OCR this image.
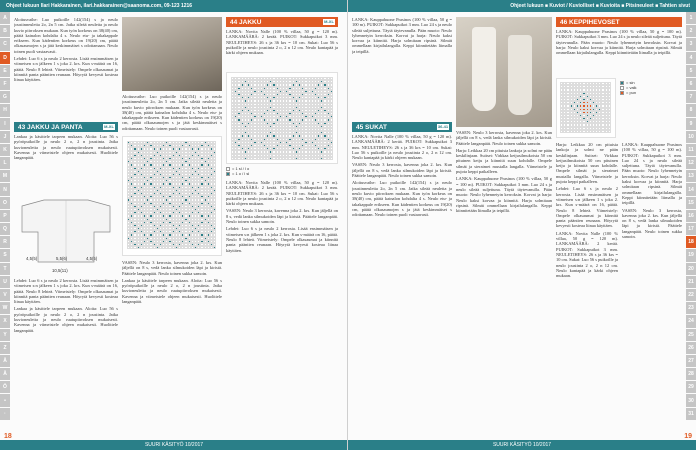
Ohjeet lukuun Ilari Hakkarainen, ilari.hakkarainen@saanoma.com, 09-123 1216
A
B
C
D
E
F
G
H
I
J
K
L
M
N
O
P
Q
R
S
T
U
V
W
X
Y
Z
Å
Ä
Ö
•
·

Aloitusvaihe: Luo puikoille 142(154) s ja neulo joustinneuletta 2o, 2n 5 cm. Jatka sileää neuletta ja neulo kuvio piirroksen mukaan. Kun työn korkeus on 38(40) cm, päätä kainalon kohdalta 4 s. Neulo etu- ja takakappale erikseen. Kun kädentien korkeus on 19(20) cm, päätä olkasaumojen s ja jätä keskimmäiset s odottamaan. Neulo toinen puoli vastaavasti.

Lehdet: Luo 6 s ja neulo 2 kerrosta. Lisää ensimmäisen ja viimeisen s:n jälkeen 1 s joka 2. krs. Kun s-määrä on 16, päätä. Neulo 8 lehteä. Viimeistely: Ompele olkasaumat ja kiinnitä panta pääntien reunaan. Höyrytä kevyesti kosteaa liinaa käyttäen.

43 JAKKU JA PANTA	M-XL

Lankaa ja käsittele tarpeen mukaan. Aloita: Luo 56 s pyöröpuikoille ja neulo 2 o, 2 n joustinta. Jatka kuvioneuletta ja neulo ruutupiirroksen mukaisesti. Kavenna ja viimeistele ohjeen mukaisesti. Huolittele langanpäät.

4,5(5)	5,5(6)	4,5(5)
10,5(11)

Lehdet: Luo 6 s ja neulo 2 kerrosta. Lisää ensimmäisen ja viimeisen s:n jälkeen 1 s joka 2. krs. Kun s-määrä on 16, päätä. Neulo 8 lehteä. Viimeistely: Ompele olkasaumat ja kiinnitä panta pääntien reunaan. Höyrytä kevyesti kosteaa liinaa käyttäen.

Lankaa ja käsittele tarpeen mukaan. Aloita: Luo 56 s pyöröpuikoille ja neulo 2 o, 2 n joustinta. Jatka kuvioneuletta ja neulo ruutupiirroksen mukaisesti. Kavenna ja viimeistele ohjeen mukaisesti. Huolittele langanpäät.

Aloitusvaihe: Luo puikoille 142(154) s ja neulo joustinneuletta 2o, 2n 5 cm. Jatka sileää neuletta ja neulo kuvio piirroksen mukaan. Kun työn korkeus on 38(40) cm, päätä kainalon kohdalta 4 s. Neulo etu- ja takakappale erikseen. Kun kädentien korkeus on 19(20) cm, päätä olkasaumojen s ja jätä keskimmäiset s odottamaan. Neulo toinen puoli vastaavasti.

VASEN: Neulo 3 kerrosta, kavenna joka 2. krs. Kun jäljellä on 8 s, vedä lanka silmukoiden läpi ja kiristä. Päättele langanpäät. Neulo toinen sukka samoin.

Lankaa ja käsittele tarpeen mukaan. Aloita: Luo 56 s pyöröpuikoille ja neulo 2 o, 2 n joustinta. Jatka kuvioneuletta ja neulo ruutupiirroksen mukaisesti. Kavenna ja viimeistele ohjeen mukaisesti. Huolittele langanpäät.

44 JAKKU	M-XL

LANKA: Novita Nalle (100 % villaa, 50 g = 120 m). LANKAMÄÄRÄ: 2 kerää. PUIKOT: Sukkapuikot 3 mm. NEULETIHEYS: 26 s ja 36 krs = 10 cm. Sukat: Luo 56 s puikoille ja neulo joustinta 2 o, 2 n 12 cm. Neulo kantapää ja kärki ohjeen mukaan.

= 1 sl / l o
= 1 o / l sl

LANKA: Novita Nalle (100 % villaa, 50 g = 120 m). LANKAMÄÄRÄ: 2 kerää. PUIKOT: Sukkapuikot 3 mm. NEULETIHEYS: 26 s ja 36 krs = 10 cm. Sukat: Luo 56 s puikoille ja neulo joustinta 2 o, 2 n 12 cm. Neulo kantapää ja kärki ohjeen mukaan.

VASEN: Neulo 3 kerrosta, kavenna joka 2. krs. Kun jäljellä on 8 s, vedä lanka silmukoiden läpi ja kiristä. Päättele langanpäät. Neulo toinen sukka samoin.

Lehdet: Luo 6 s ja neulo 2 kerrosta. Lisää ensimmäisen ja viimeisen s:n jälkeen 1 s joka 2. krs. Kun s-määrä on 16, päätä. Neulo 8 lehteä. Viimeistely: Ompele olkasaumat ja kiinnitä panta pääntien reunaan. Höyrytä kevyesti kosteaa liinaa käyttäen.

18
SUURI KÄSITYÖ 10/2017
Ohjeet lukuun ■ Kuviot / Kuviolliset ■ Kuvioita ■ Pitsineuleet ■ Tahtien sivut
1
2
3
4
5
6
7
8
9
10
11
12
13
14
15
16
17
18
19
20
21
22
23
24
25
26
27
28
29
30
31

LANKA: Kauppahuone Prasinos (100 % villaa, 50 g = 100 m). PUIKOT: Sukkapuikot 3 mm. Luo 24 s ja neulo sileää suljettuna. Täytä täytevanulla. Pään muoto: Neulo lyhennetyin kerroksin. Korvat ja harja: Neulo kaksi korvaa ja kiinnitä. Harja solmitaan ripsinä. Silmät ommellaan kirjailulangalla. Keppi kiinnitetään liimalla ja teipillä.

45 SUKAT	36-41

LANKA: Novita Nalle (100 % villaa, 50 g = 120 m). LANKAMÄÄRÄ: 2 kerää. PUIKOT: Sukkapuikot 3 mm. NEULETIHEYS: 26 s ja 36 krs = 10 cm. Sukat: Luo 56 s puikoille ja neulo joustinta 2 o, 2 n 12 cm. Neulo kantapää ja kärki ohjeen mukaan.

VASEN: Neulo 3 kerrosta, kavenna joka 2. krs. Kun jäljellä on 8 s, vedä lanka silmukoiden läpi ja kiristä. Päättele langanpäät. Neulo toinen sukka samoin.

Aloitusvaihe: Luo puikoille 142(154) s ja neulo joustinneuletta 2o, 2n 5 cm. Jatka sileää neuletta ja neulo kuvio piirroksen mukaan. Kun työn korkeus on 38(40) cm, päätä kainalon kohdalta 4 s. Neulo etu- ja takakappale erikseen. Kun kädentien korkeus on 19(20) cm, päätä olkasaumojen s ja jätä keskimmäiset s odottamaan. Neulo toinen puoli vastaavasti.

VASEN: Neulo 3 kerrosta, kavenna joka 2. krs. Kun jäljellä on 8 s, vedä lanka silmukoiden läpi ja kiristä. Päättele langanpäät. Neulo toinen sukka samoin.

Harja: Leikkaa 20 cm pituisia lankoja ja solmi ne pään keskilinjaan. Suitset: Virkkaa ketjusilmukoista 50 cm pituinen ketju ja kiinnitä suun kohdalle. Ompele silmät ja sieraimet mustalla langalla. Viimeistele ja pujota keppi paikalleen.

LANKA: Kauppahuone Prasinos (100 % villaa, 50 g = 100 m). PUIKOT: Sukkapuikot 3 mm. Luo 24 s ja neulo sileää suljettuna. Täytä täytevanulla. Pään muoto: Neulo lyhennetyin kerroksin. Korvat ja harja: Neulo kaksi korvaa ja kiinnitä. Harja solmitaan ripsinä. Silmät ommellaan kirjailulangalla. Keppi kiinnitetään liimalla ja teipillä.

46 KEPPIHEVOSET

LANKA: Kauppahuone Prasinos (100 % villaa, 50 g = 100 m). PUIKOT: Sukkapuikot 3 mm. Luo 24 s ja neulo sileää suljettuna. Täytä täytevanulla. Pään muoto: Neulo lyhennetyin kerroksin. Korvat ja harja: Neulo kaksi korvaa ja kiinnitä. Harja solmitaan ripsinä. Silmät ommellaan kirjailulangalla. Keppi kiinnitetään liimalla ja teipillä.

= sin
= valk
= pun

Harja: Leikkaa 20 cm pituisia lankoja ja solmi ne pään keskilinjaan. Suitset: Virkkaa ketjusilmukoista 50 cm pituinen ketju ja kiinnitä suun kohdalle. Ompele silmät ja sieraimet mustalla langalla. Viimeistele ja pujota keppi paikalleen.

Lehdet: Luo 6 s ja neulo 2 kerrosta. Lisää ensimmäisen ja viimeisen s:n jälkeen 1 s joka 2. krs. Kun s-määrä on 16, päätä. Neulo 8 lehteä. Viimeistely: Ompele olkasaumat ja kiinnitä panta pääntien reunaan. Höyrytä kevyesti kosteaa liinaa käyttäen.

LANKA: Novita Nalle (100 % villaa, 50 g = 120 m). LANKAMÄÄRÄ: 2 kerää. PUIKOT: Sukkapuikot 3 mm. NEULETIHEYS: 26 s ja 36 krs = 10 cm. Sukat: Luo 56 s puikoille ja neulo joustinta 2 o, 2 n 12 cm. Neulo kantapää ja kärki ohjeen mukaan.

LANKA: Kauppahuone Prasinos (100 % villaa, 50 g = 100 m). PUIKOT: Sukkapuikot 3 mm. Luo 24 s ja neulo sileää suljettuna. Täytä täytevanulla. Pään muoto: Neulo lyhennetyin kerroksin. Korvat ja harja: Neulo kaksi korvaa ja kiinnitä. Harja solmitaan ripsinä. Silmät ommellaan kirjailulangalla. Keppi kiinnitetään liimalla ja teipillä.

VASEN: Neulo 3 kerrosta, kavenna joka 2. krs. Kun jäljellä on 8 s, vedä lanka silmukoiden läpi ja kiristä. Päättele langanpäät. Neulo toinen sukka samoin.

19
SUURI KÄSITYÖ 10/2017
